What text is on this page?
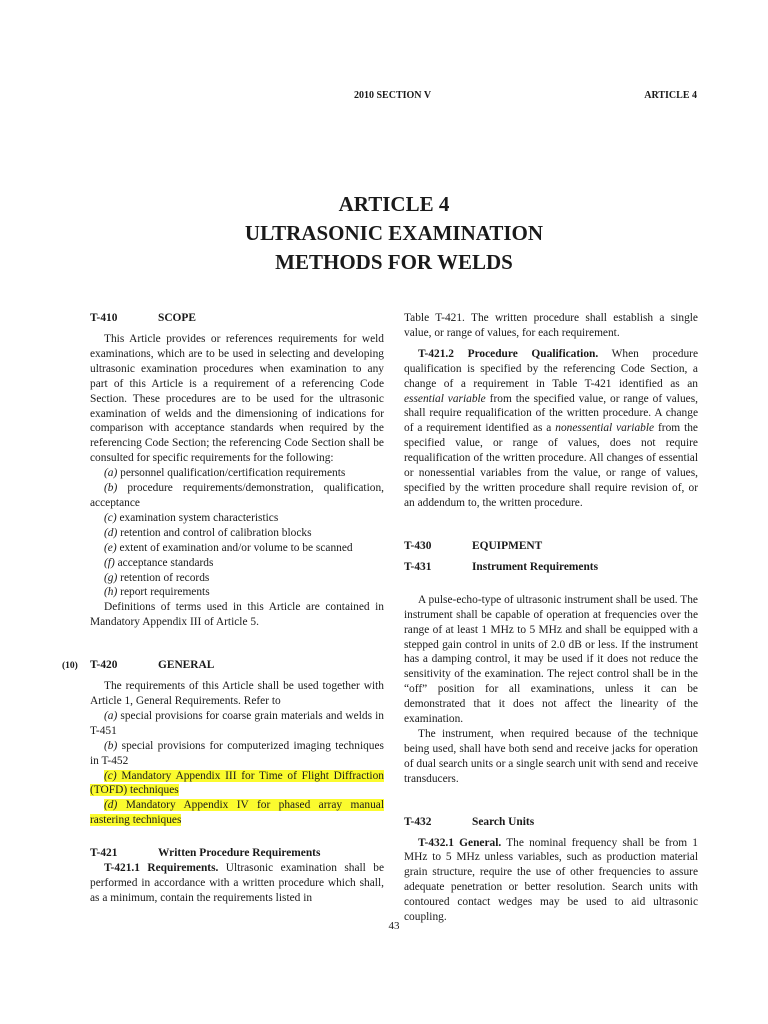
2010 SECTION V	ARTICLE 4
ARTICLE 4
ULTRASONIC EXAMINATION
METHODS FOR WELDS
T-410	SCOPE

This Article provides or references requirements for weld examinations, which are to be used in selecting and developing ultrasonic examination procedures when examination to any part of this Article is a requirement of a referencing Code Section. These procedures are to be used for the ultrasonic examination of welds and the dimensioning of indications for comparison with acceptance standards when required by the referencing Code Section; the referencing Code Section shall be consulted for specific requirements for the following:

(a) personnel qualification/certification requirements

(b) procedure requirements/demonstration, qualification, acceptance

(c) examination system characteristics

(d) retention and control of calibration blocks

(e) extent of examination and/or volume to be scanned

(f) acceptance standards

(g) retention of records

(h) report requirements

Definitions of terms used in this Article are contained in Mandatory Appendix III of Article 5.

(10) T-420	GENERAL

The requirements of this Article shall be used together with Article 1, General Requirements. Refer to

(a) special provisions for coarse grain materials and welds in T-451

(b) special provisions for computerized imaging techniques in T-452

(c) Mandatory Appendix III for Time of Flight Diffraction (TOFD) techniques

(d) Mandatory Appendix IV for phased array manual rastering techniques

T-421	Written Procedure Requirements

T-421.1 Requirements. Ultrasonic examination shall be performed in accordance with a written procedure which shall, as a minimum, contain the requirements listed in

Table T-421. The written procedure shall establish a single value, or range of values, for each requirement.

T-421.2 Procedure Qualification. When procedure qualification is specified by the referencing Code Section, a change of a requirement in Table T-421 identified as an essential variable from the specified value, or range of values, shall require requalification of the written procedure. A change of a requirement identified as a nonessential variable from the specified value, or range of values, does not require requalification of the written procedure. All changes of essential or nonessential variables from the value, or range of values, specified by the written procedure shall require revision of, or an addendum to, the written procedure.

T-430	EQUIPMENT
T-431	Instrument Requirements

A pulse-echo-type of ultrasonic instrument shall be used. The instrument shall be capable of operation at frequencies over the range of at least 1 MHz to 5 MHz and shall be equipped with a stepped gain control in units of 2.0 dB or less. If the instrument has a damping control, it may be used if it does not reduce the sensitivity of the examination. The reject control shall be in the “off” position for all examinations, unless it can be demonstrated that it does not affect the linearity of the examination.

The instrument, when required because of the technique being used, shall have both send and receive jacks for operation of dual search units or a single search unit with send and receive transducers.

T-432	Search Units

T-432.1 General. The nominal frequency shall be from 1 MHz to 5 MHz unless variables, such as production material grain structure, require the use of other frequencies to assure adequate penetration or better resolution. Search units with contoured contact wedges may be used to aid ultrasonic coupling.

43
